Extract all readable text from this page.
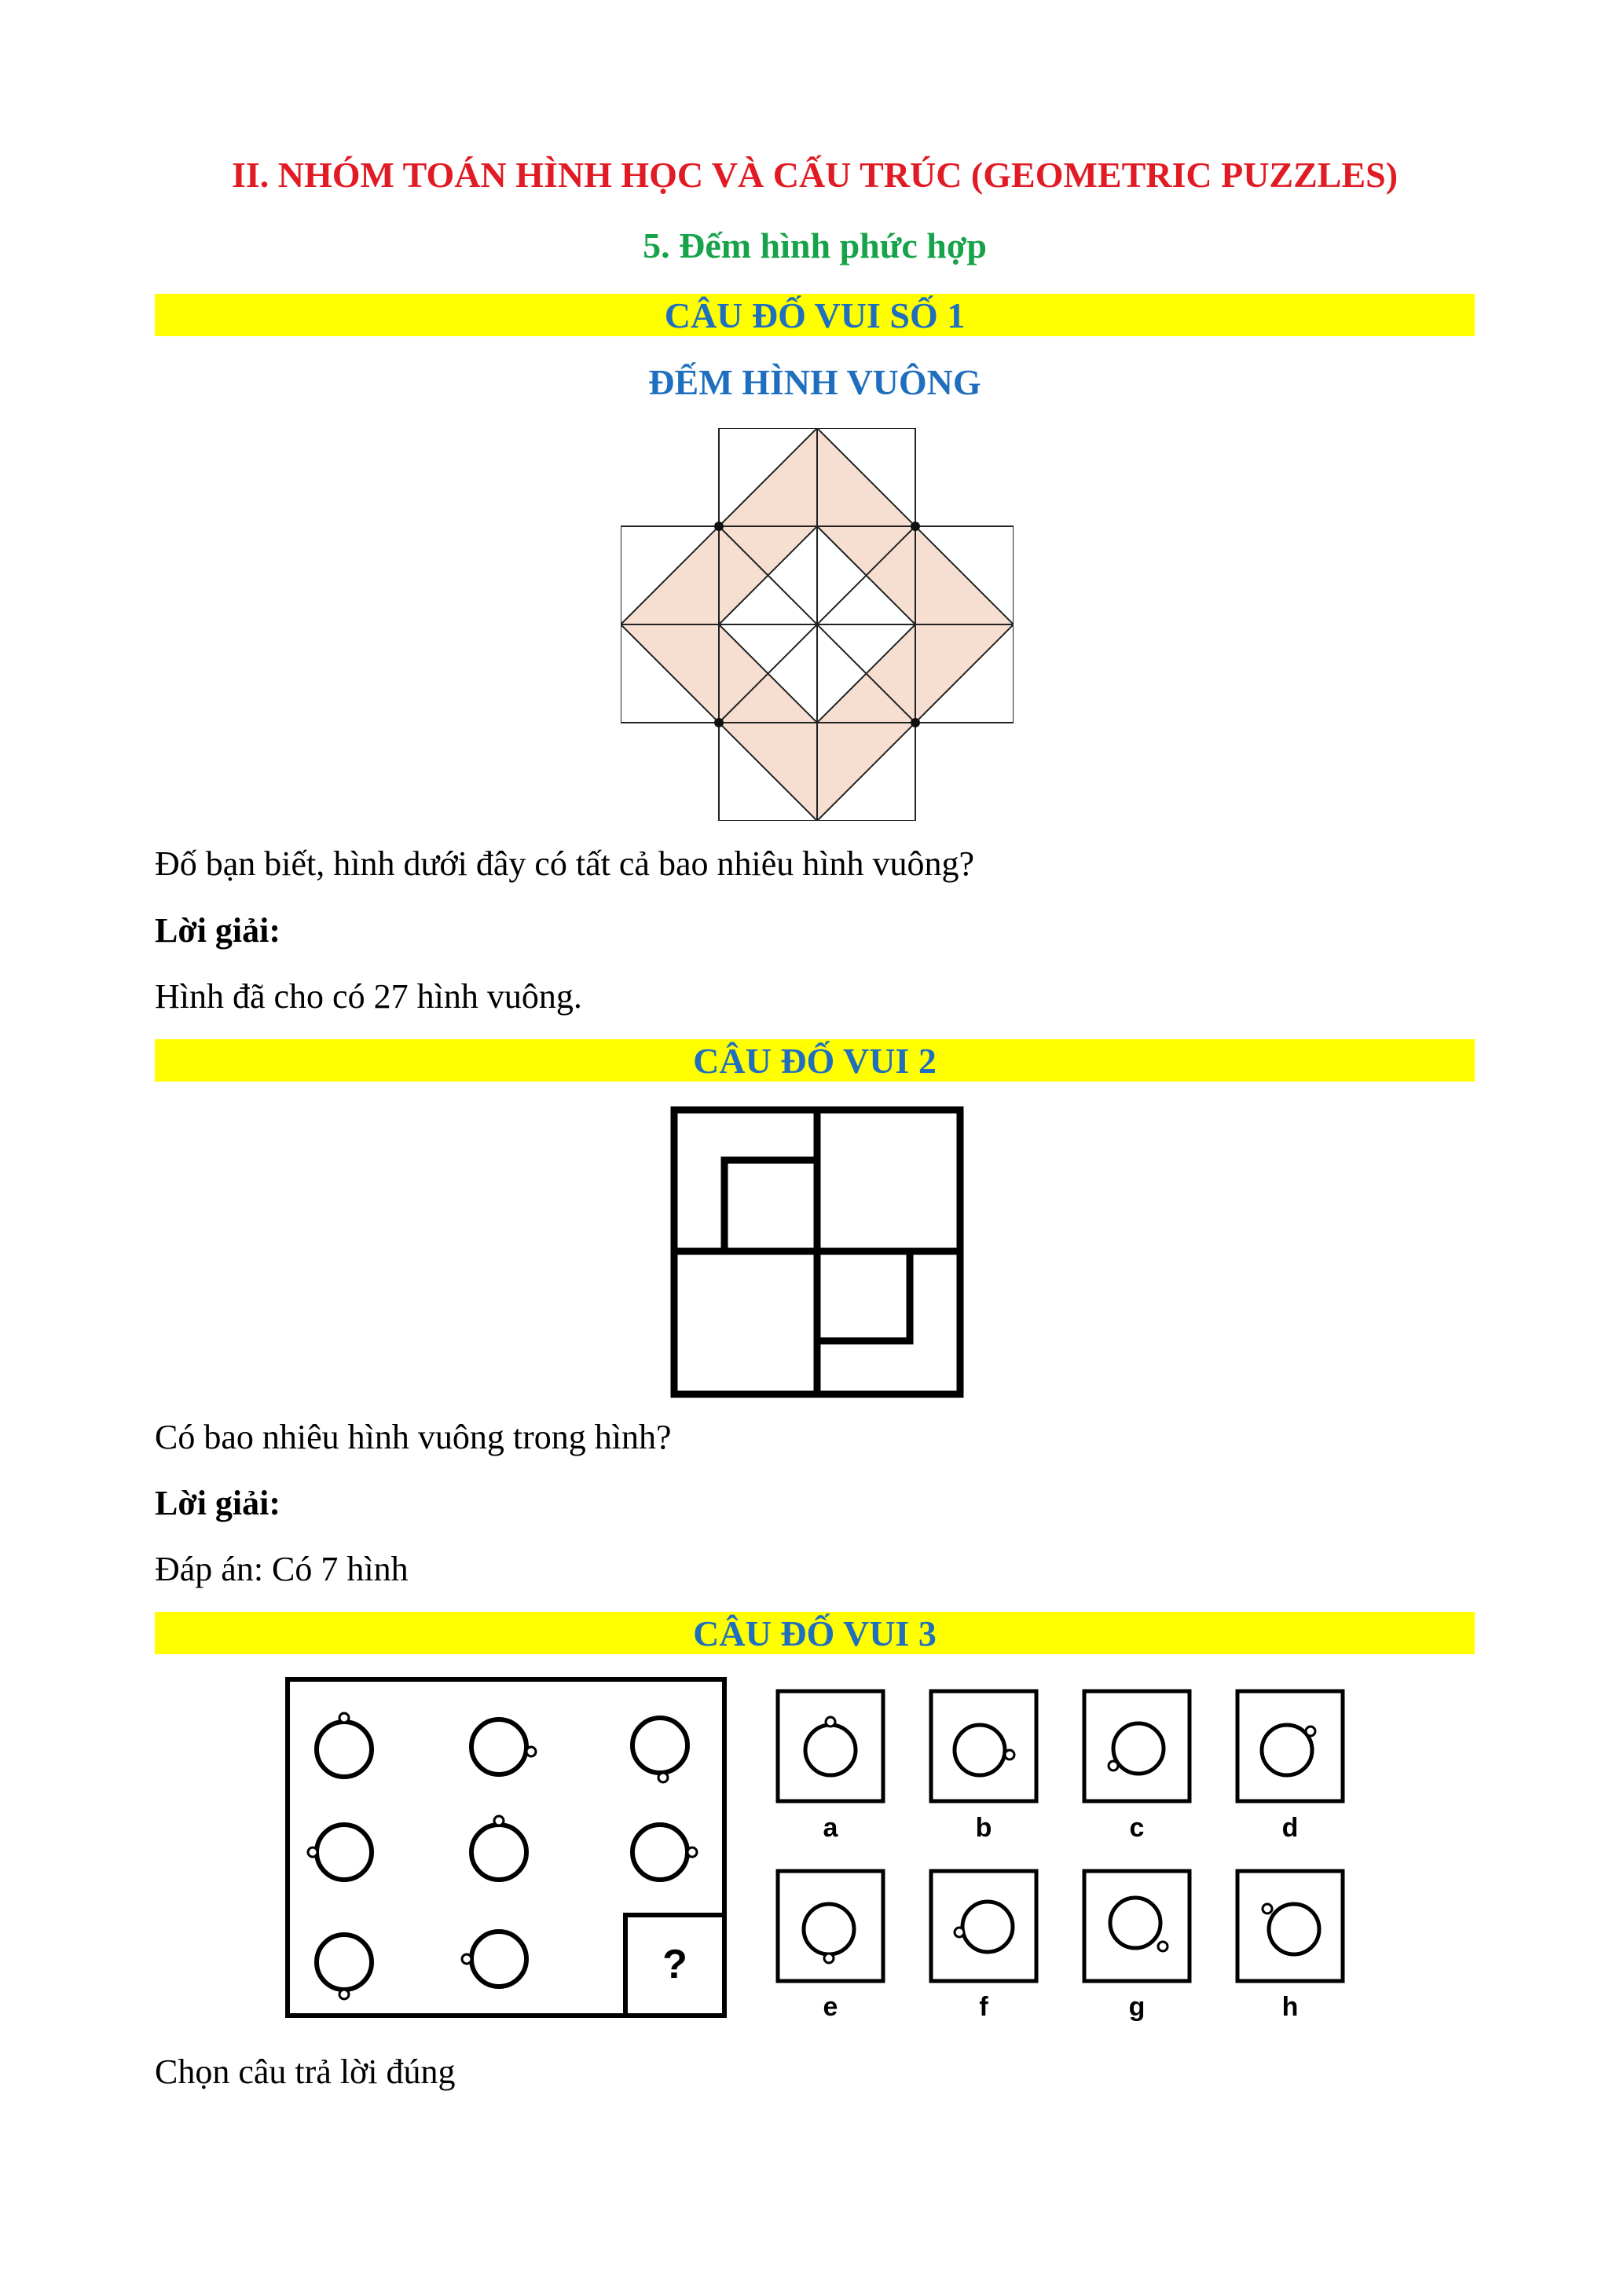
II. NHÓM TOÁN HÌNH HỌC VÀ CẤU TRÚC (GEOMETRIC PUZZLES)
5. Đếm hình phức hợp
CÂU ĐỐ VUI SỐ 1
ĐẾM HÌNH VUÔNG
Đố bạn biết, hình dưới đây có tất cả bao nhiêu hình vuông?
Lời giải:
Hình đã cho có 27 hình vuông.
CÂU ĐỐ VUI 2
Có bao nhiêu hình vuông trong hình?
Lời giải:
Đáp án: Có 7 hình
CÂU ĐỐ VUI 3
?
a	b	c	d
e	f	g	h
Chọn câu trả lời đúng
